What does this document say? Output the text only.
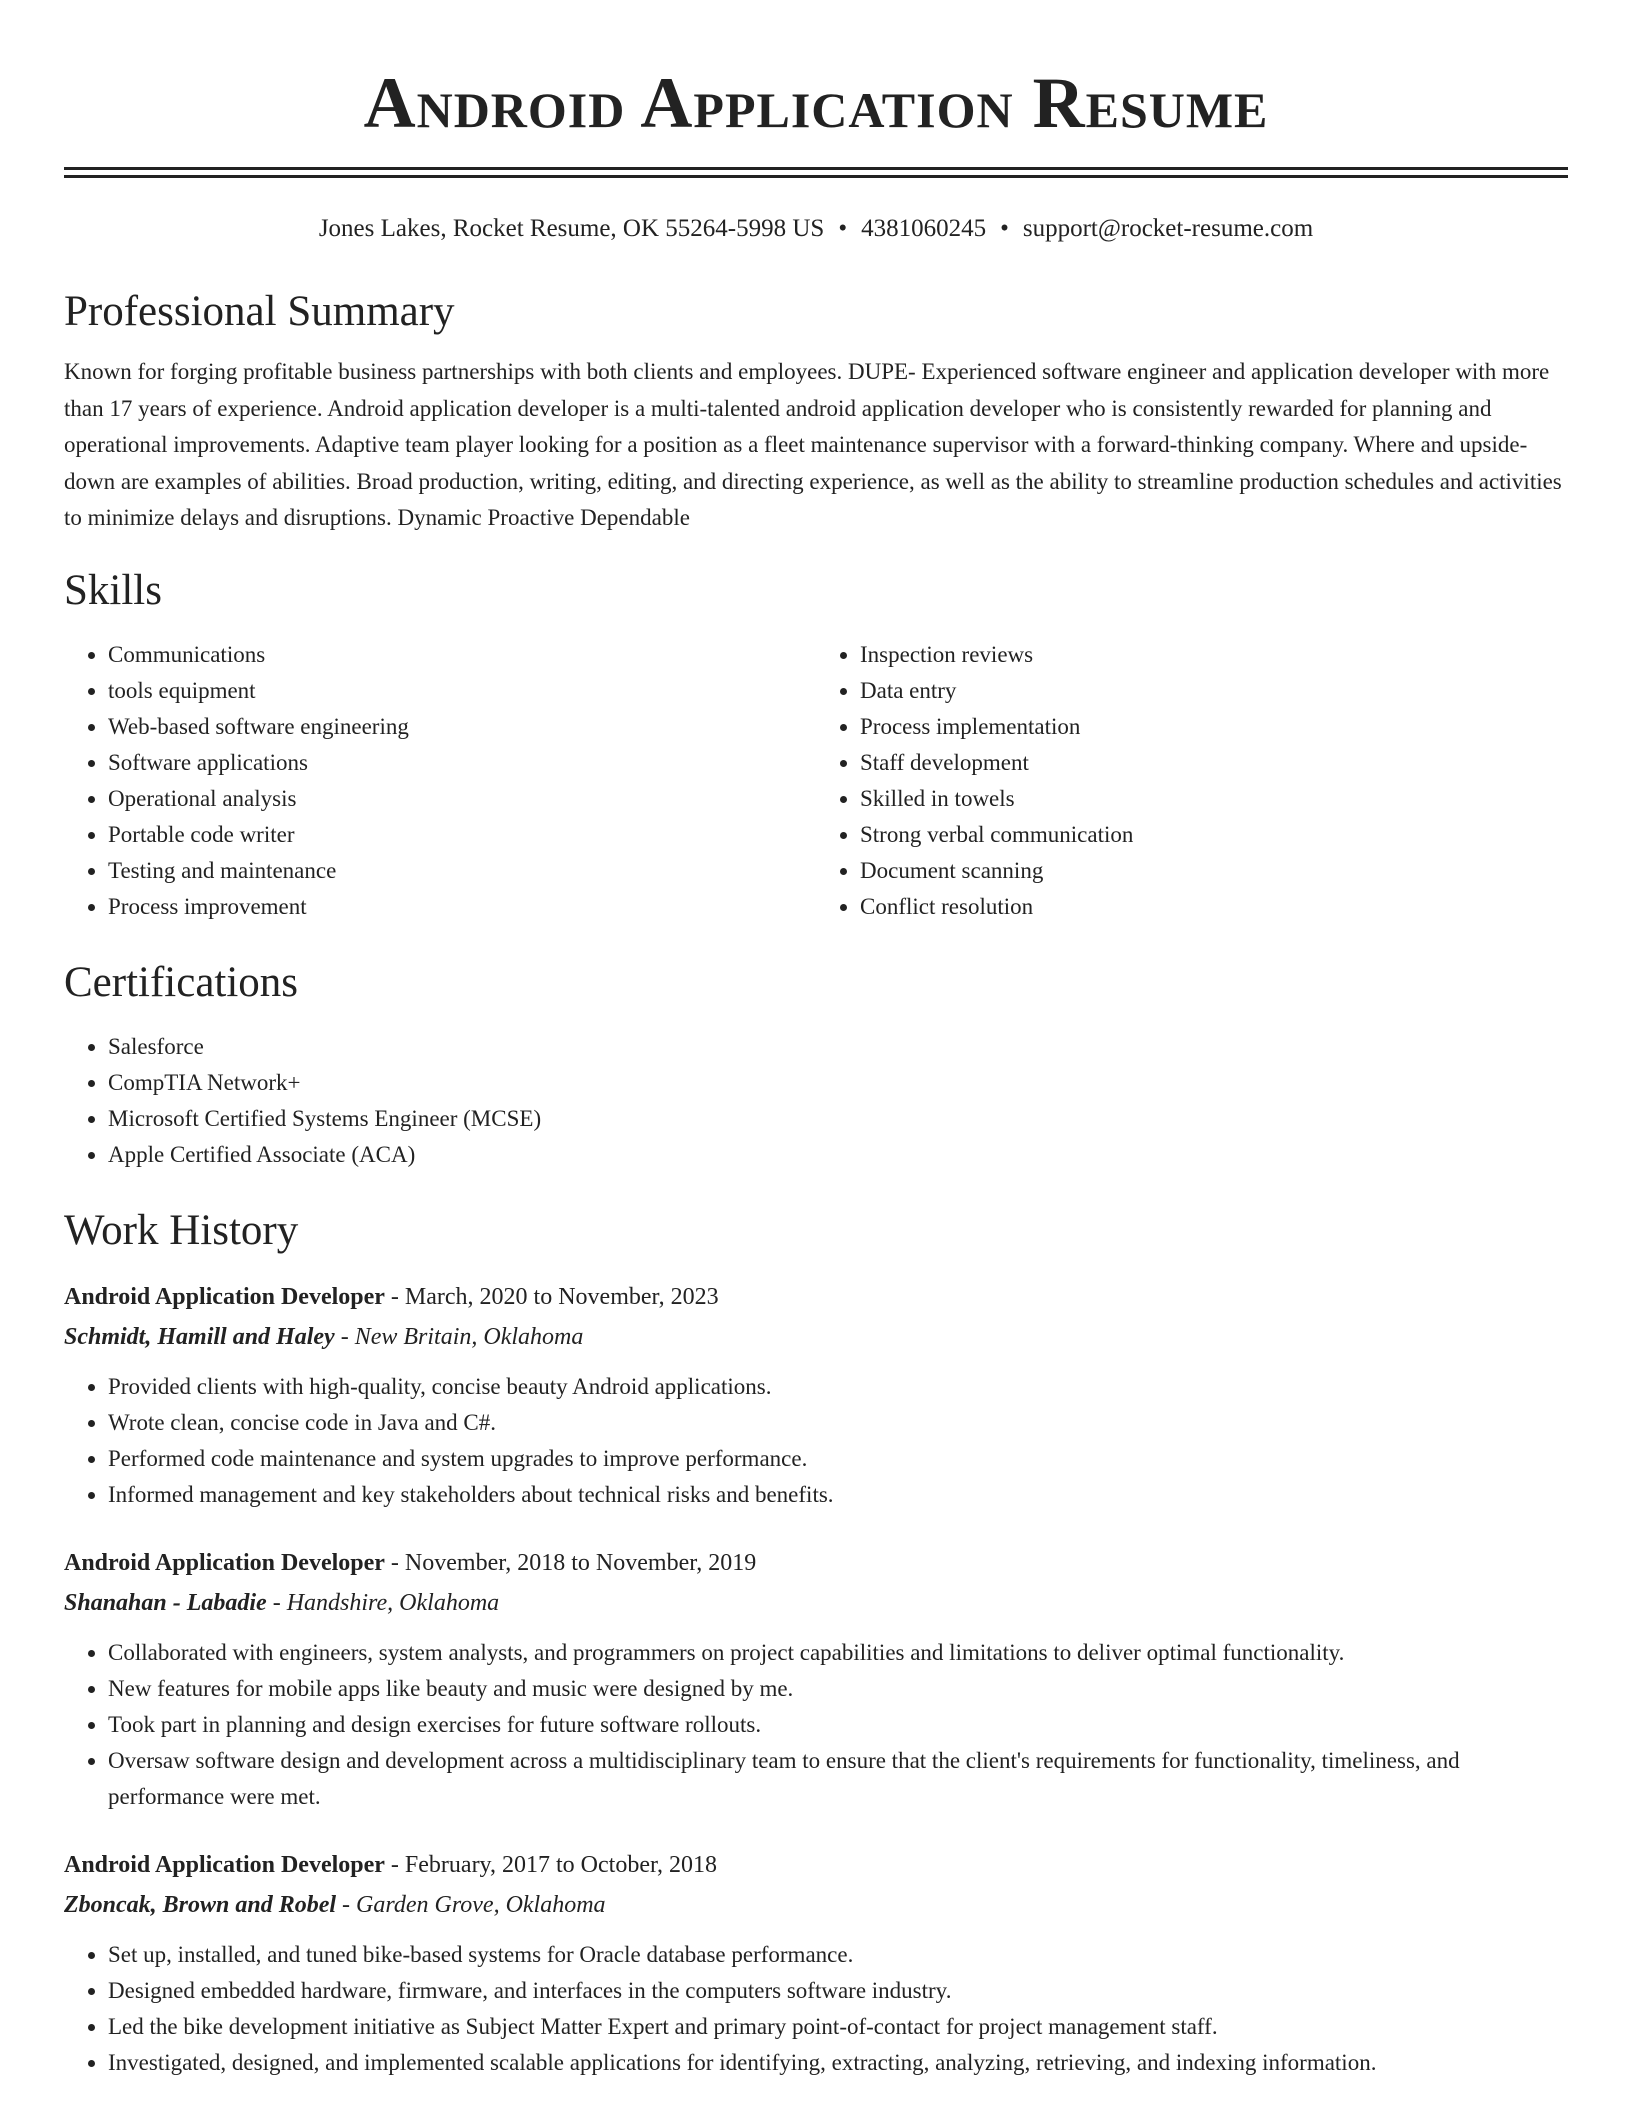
Android Application Resume
Jones Lakes, Rocket Resume, OK 55264-5998 US • 4381060245 • support@rocket-resume.com
Professional Summary

Known for forging profitable business partnerships with both clients and employees. DUPE- Experienced software engineer and application developer with more than 17 years of experience. Android application developer is a multi-talented android application developer who is consistently rewarded for planning and operational improvements. Adaptive team player looking for a position as a fleet maintenance supervisor with a forward-thinking company. Where and upside-down are examples of abilities. Broad production, writing, editing, and directing experience, as well as the ability to streamline production schedules and activities to minimize delays and disruptions. Dynamic Proactive Dependable

Skills
• Communications
• tools equipment
• Web-based software engineering
• Software applications
• Operational analysis
• Portable code writer
• Testing and maintenance
• Process improvement
• Inspection reviews
• Data entry
• Process implementation
• Staff development
• Skilled in towels
• Strong verbal communication
• Document scanning
• Conflict resolution
Certifications
• Salesforce
• CompTIA Network+
• Microsoft Certified Systems Engineer (MCSE)
• Apple Certified Associate (ACA)
Work History
Android Application Developer - March, 2020 to November, 2023
Schmidt, Hamill and Haley - New Britain, Oklahoma
• Provided clients with high-quality, concise beauty Android applications.
• Wrote clean, concise code in Java and C#.
• Performed code maintenance and system upgrades to improve performance.
• Informed management and key stakeholders about technical risks and benefits.
Android Application Developer - November, 2018 to November, 2019
Shanahan - Labadie - Handshire, Oklahoma
• Collaborated with engineers, system analysts, and programmers on project capabilities and limitations to deliver optimal functionality.
• New features for mobile apps like beauty and music were designed by me.
• Took part in planning and design exercises for future software rollouts.
• Oversaw software design and development across a multidisciplinary team to ensure that the client's requirements for functionality, timeliness, and performance were met.
Android Application Developer - February, 2017 to October, 2018
Zboncak, Brown and Robel - Garden Grove, Oklahoma
• Set up, installed, and tuned bike-based systems for Oracle database performance.
• Designed embedded hardware, firmware, and interfaces in the computers software industry.
• Led the bike development initiative as Subject Matter Expert and primary point-of-contact for project management staff.
• Investigated, designed, and implemented scalable applications for identifying, extracting, analyzing, retrieving, and indexing information.
